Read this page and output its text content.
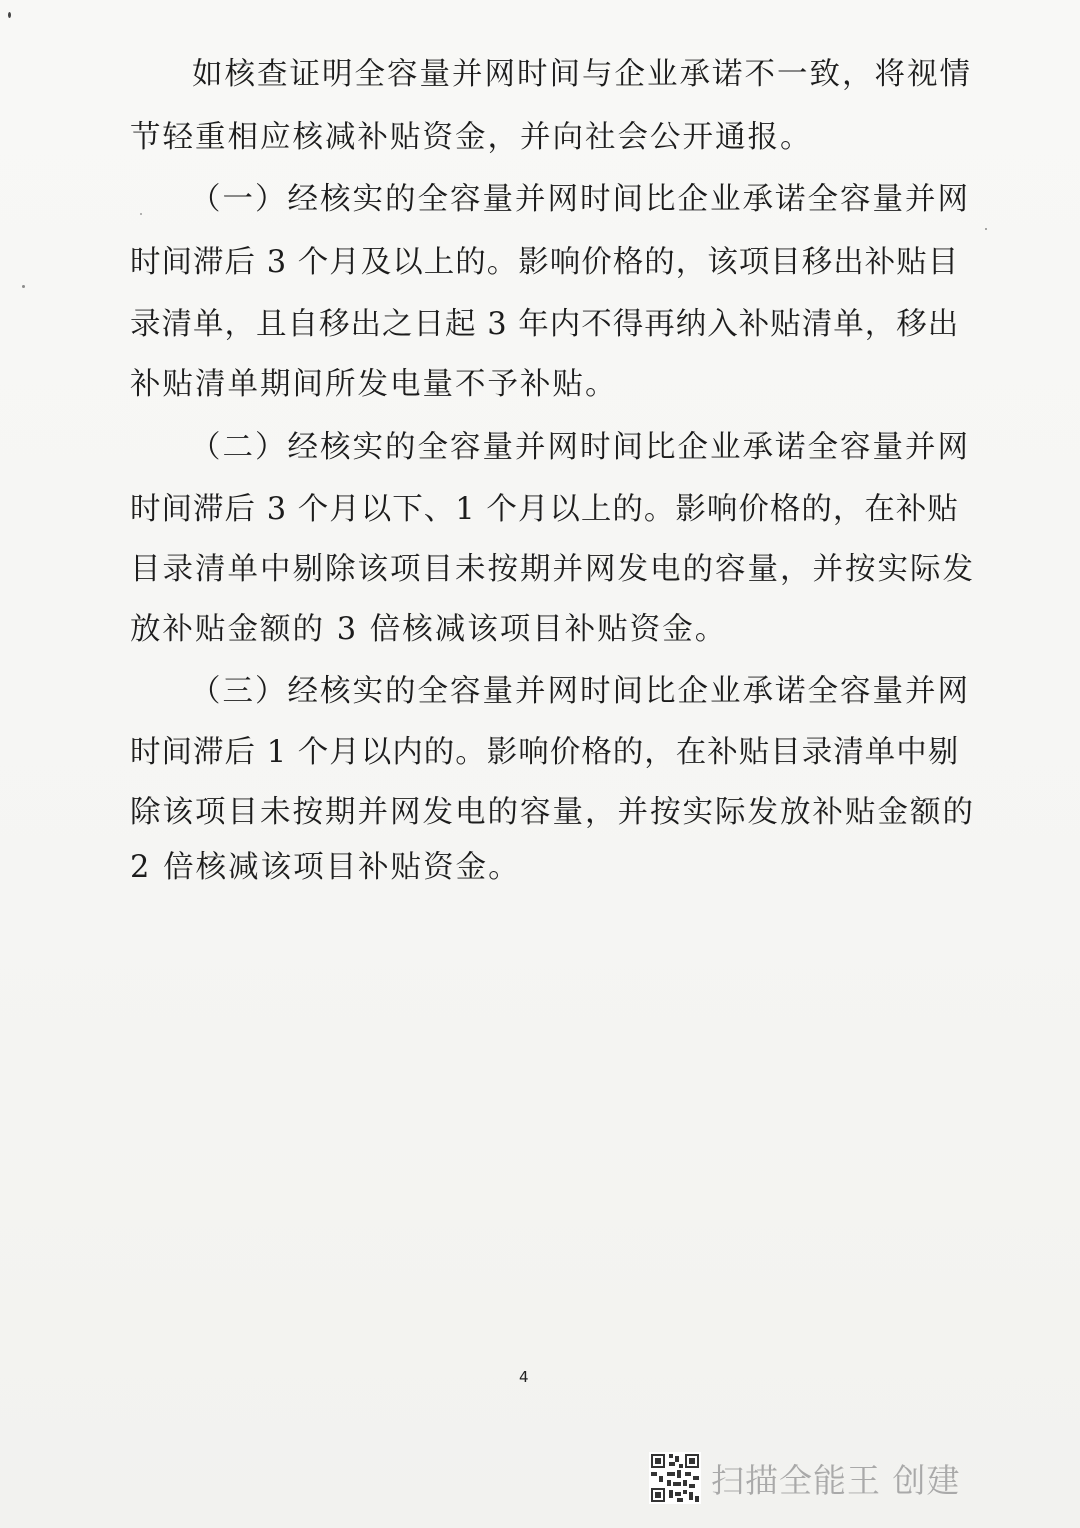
如核查证明全容量并网时间与企业承诺不一致，将视情
节轻重相应核减补贴资金，并向社会公开通报。
（一）经核实的全容量并网时间比企业承诺全容量并网
时间滞后 3 个月及以上的。影响价格的，该项目移出补贴目
录清单，且自移出之日起 3 年内不得再纳入补贴清单，移出
补贴清单期间所发电量不予补贴。
（二）经核实的全容量并网时间比企业承诺全容量并网
时间滞后 3 个月以下、1 个月以上的。影响价格的，在补贴
目录清单中剔除该项目未按期并网发电的容量，并按实际发
放补贴金额的 3 倍核减该项目补贴资金。
（三）经核实的全容量并网时间比企业承诺全容量并网
时间滞后 1 个月以内的。影响价格的，在补贴目录清单中剔
除该项目未按期并网发电的容量，并按实际发放补贴金额的
2 倍核减该项目补贴资金。
4
扫描全能王 创建
